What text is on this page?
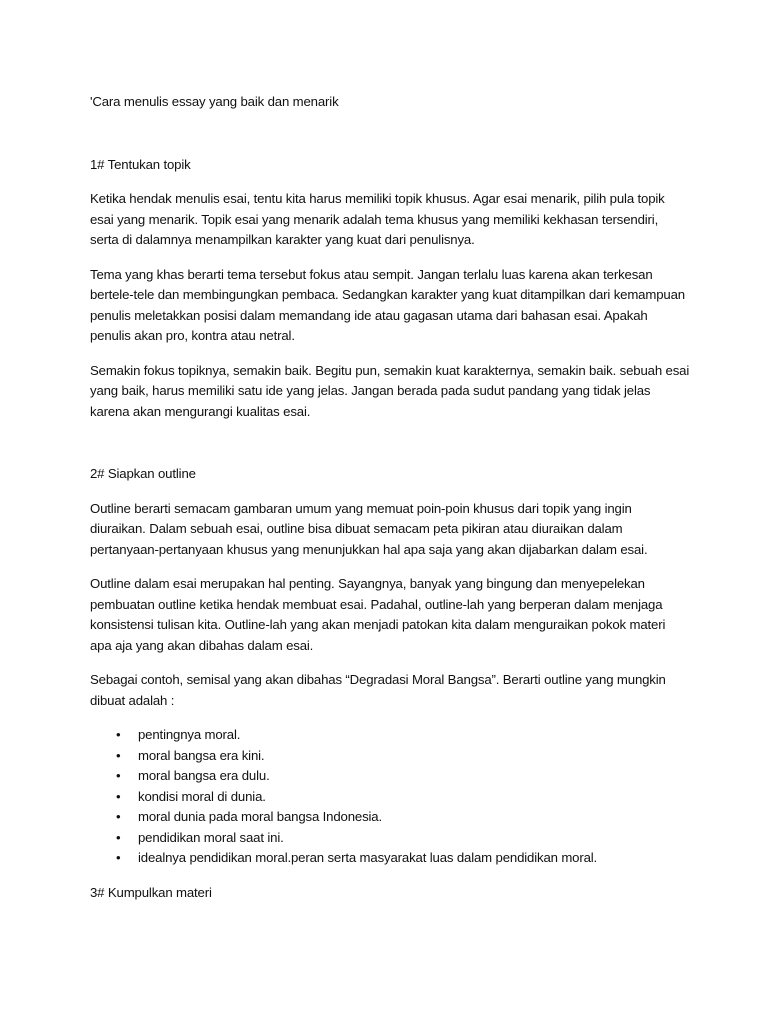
'Cara menulis essay yang baik dan menarik

1# Tentukan topik

Ketika hendak menulis esai, tentu kita harus memiliki topik khusus. Agar esai menarik, pilih pula topik esai yang menarik. Topik esai yang menarik adalah tema khusus yang memiliki kekhasan tersendiri, serta di dalamnya menampilkan karakter yang kuat dari penulisnya.

Tema yang khas berarti tema tersebut fokus atau sempit. Jangan terlalu luas karena akan terkesan bertele-tele dan membingungkan pembaca. Sedangkan karakter yang kuat ditampilkan dari kemampuan penulis meletakkan posisi dalam memandang ide atau gagasan utama dari bahasan esai. Apakah penulis akan pro, kontra atau netral.

Semakin fokus topiknya, semakin baik. Begitu pun, semakin kuat karakternya, semakin baik. sebuah esai yang baik, harus memiliki satu ide yang jelas. Jangan berada pada sudut pandang yang tidak jelas karena akan mengurangi kualitas esai.

2# Siapkan outline

Outline berarti semacam gambaran umum yang memuat poin-poin khusus dari topik yang ingin diuraikan. Dalam sebuah esai, outline bisa dibuat semacam peta pikiran atau diuraikan dalam pertanyaan-pertanyaan khusus yang menunjukkan hal apa saja yang akan dijabarkan dalam esai.

Outline dalam esai merupakan hal penting. Sayangnya, banyak yang bingung dan menyepelekan pembuatan outline ketika hendak membuat esai. Padahal, outline-lah yang berperan dalam menjaga konsistensi tulisan kita. Outline-lah yang akan menjadi patokan kita dalam menguraikan pokok materi apa aja yang akan dibahas dalam esai.

Sebagai contoh, semisal yang akan dibahas “Degradasi Moral Bangsa”. Berarti outline yang mungkin dibuat adalah :

• pentingnya moral.
• moral bangsa era kini.
• moral bangsa era dulu.
• kondisi moral di dunia.
• moral dunia pada moral bangsa Indonesia.
• pendidikan moral saat ini.
• idealnya pendidikan moral.peran serta masyarakat luas dalam pendidikan moral.

3# Kumpulkan materi
